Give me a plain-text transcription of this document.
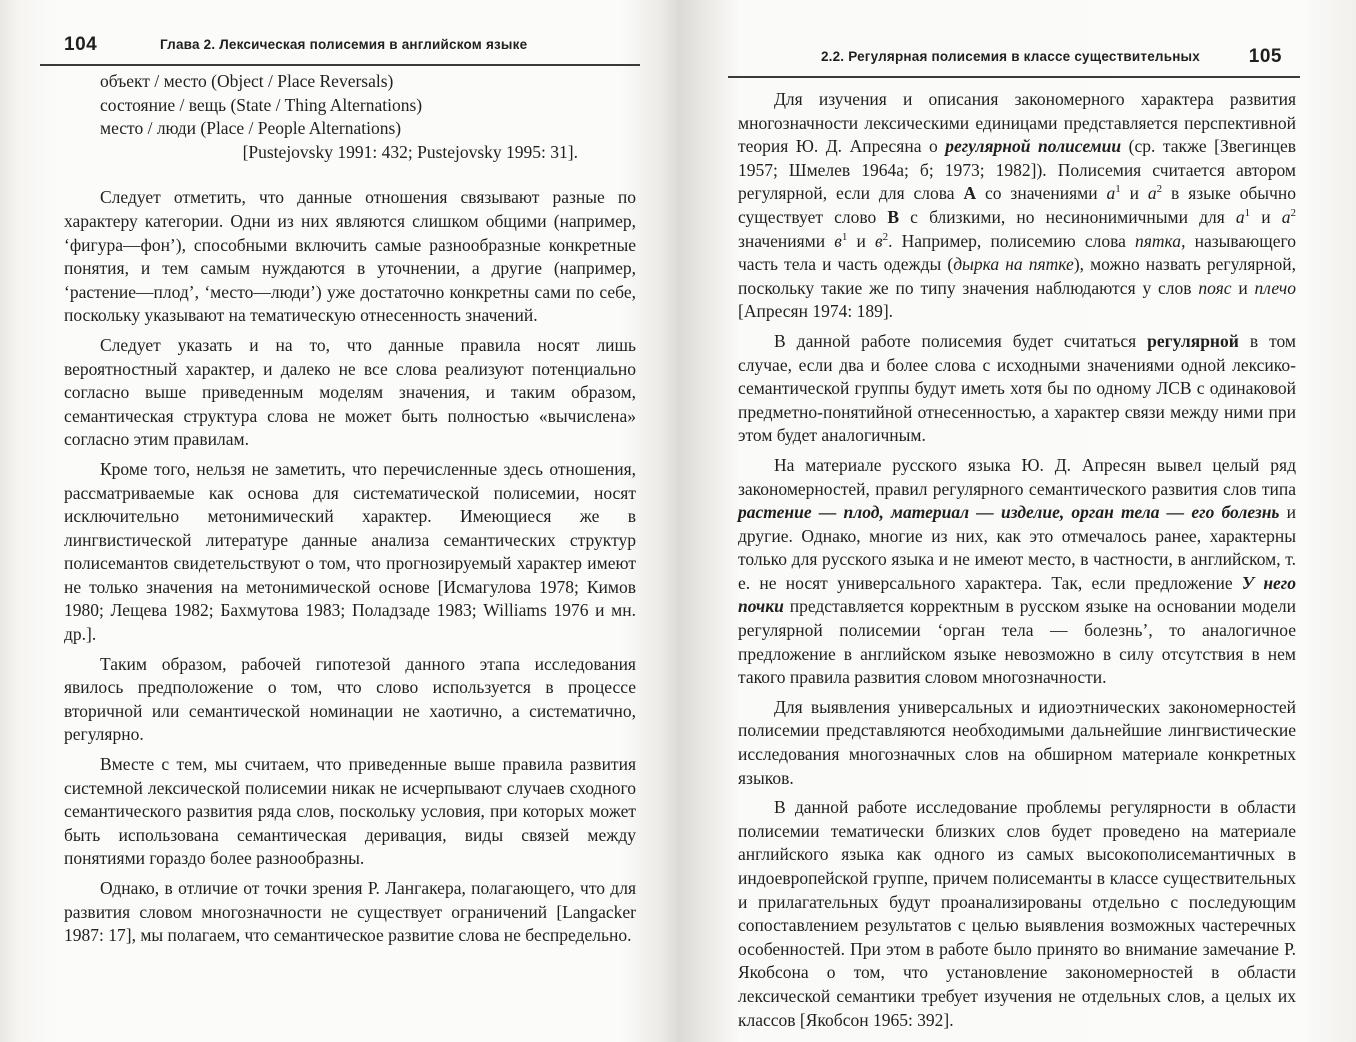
104	Глава 2. Лексическая полисемия в английском языке
объект / место (Object / Place Reversals)
состояние / вещь (State / Thing Alternations)
место / люди (Place / People Alternations)
[Pustejovsky 1991: 432; Pustejovsky 1995: 31].

Следует отметить, что данные отношения связывают разные по характеру категории. Одни из них являются слишком общими (например, ‘фигура—фон’), способными включить самые разнообразные конкретные понятия, и тем самым нуждаются в уточнении, а другие (например, ‘растение—плод’, ‘место—люди’) уже достаточно конкретны сами по себе, поскольку указывают на тематическую отнесенность значений.

Следует указать и на то, что данные правила носят лишь вероятностный характер, и далеко не все слова реализуют потенциально согласно выше приведенным моделям значения, и таким образом, семантическая структура слова не может быть полностью «вычислена» согласно этим правилам.

Кроме того, нельзя не заметить, что перечисленные здесь отношения, рассматриваемые как основа для систематической полисемии, носят исключительно метонимический характер. Имеющиеся же в лингвистической литературе данные анализа семантических структур полисемантов свидетельствуют о том, что прогнозируемый характер имеют не только значения на метонимической основе [Исмагулова 1978; Кимов 1980; Лещева 1982; Бахмутова 1983; Поладзаде 1983; Williams 1976 и мн. др.].

Таким образом, рабочей гипотезой данного этапа исследования явилось предположение о том, что слово используется в процессе вторичной или семантической номинации не хаотично, а систематично, регулярно.

Вместе с тем, мы считаем, что приведенные выше правила развития системной лексической полисемии никак не исчерпывают случаев сходного семантического развития ряда слов, поскольку условия, при которых может быть использована семантическая деривация, виды связей между понятиями гораздо более разнообразны.

Однако, в отличие от точки зрения Р. Лангакера, полагающего, что для развития словом многозначности не существует ограничений [Langacker 1987: 17], мы полагаем, что семантическое развитие слова не беспредельно.

2.2. Регулярная полисемия в классе существительных	105

Для изучения и описания закономерного характера развития многозначности лексическими единицами представляется перспективной теория Ю. Д. Апресяна о регулярной полисемии (ср. также [Звегинцев 1957; Шмелев 1964а; б; 1973; 1982]). Полисемия считается автором регулярной, если для слова А со значениями $а^1$ и $а^2$ в языке обычно существует слово В с близкими, но несинонимичными для $а^1$ и $а^2$ значениями $в^1$ и $в^2$. Например, полисемию слова пятка, называющего часть тела и часть одежды (дырка на пятке), можно назвать регулярной, поскольку такие же по типу значения наблюдаются у слов пояс и плечо [Апресян 1974: 189].

В данной работе полисемия будет считаться регулярной в том случае, если два и более слова с исходными значениями одной лексико-семантической группы будут иметь хотя бы по одному ЛСВ с одинаковой предметно-понятийной отнесенностью, а характер связи между ними при этом будет аналогичным.

На материале русского языка Ю. Д. Апресян вывел целый ряд закономерностей, правил регулярного семантического развития слов типа растение — плод, материал — изделие, орган тела — его болезнь и другие. Однако, многие из них, как это отмечалось ранее, характерны только для русского языка и не имеют место, в частности, в английском, т. е. не носят универсального характера. Так, если предложение У него почки представляется корректным в русском языке на основании модели регулярной полисемии ‘орган тела — болезнь’, то аналогичное предложение в английском языке невозможно в силу отсутствия в нем такого правила развития словом многозначности.

Для выявления универсальных и идиоэтнических закономерностей полисемии представляются необходимыми дальнейшие лингвистические исследования многозначных слов на обширном материале конкретных языков.

В данной работе исследование проблемы регулярности в области полисемии тематически близких слов будет проведено на материале английского языка как одного из самых высокополисемантичных в индоевропейской группе, причем полисеманты в классе существительных и прилагательных будут проанализированы отдельно с последующим сопоставлением результатов с целью выявления возможных частеречных особенностей. При этом в работе было принято во внимание замечание Р. Якобсона о том, что установление закономерностей в области лексической семантики требует изучения не отдельных слов, а целых их классов [Якобсон 1965: 392].
